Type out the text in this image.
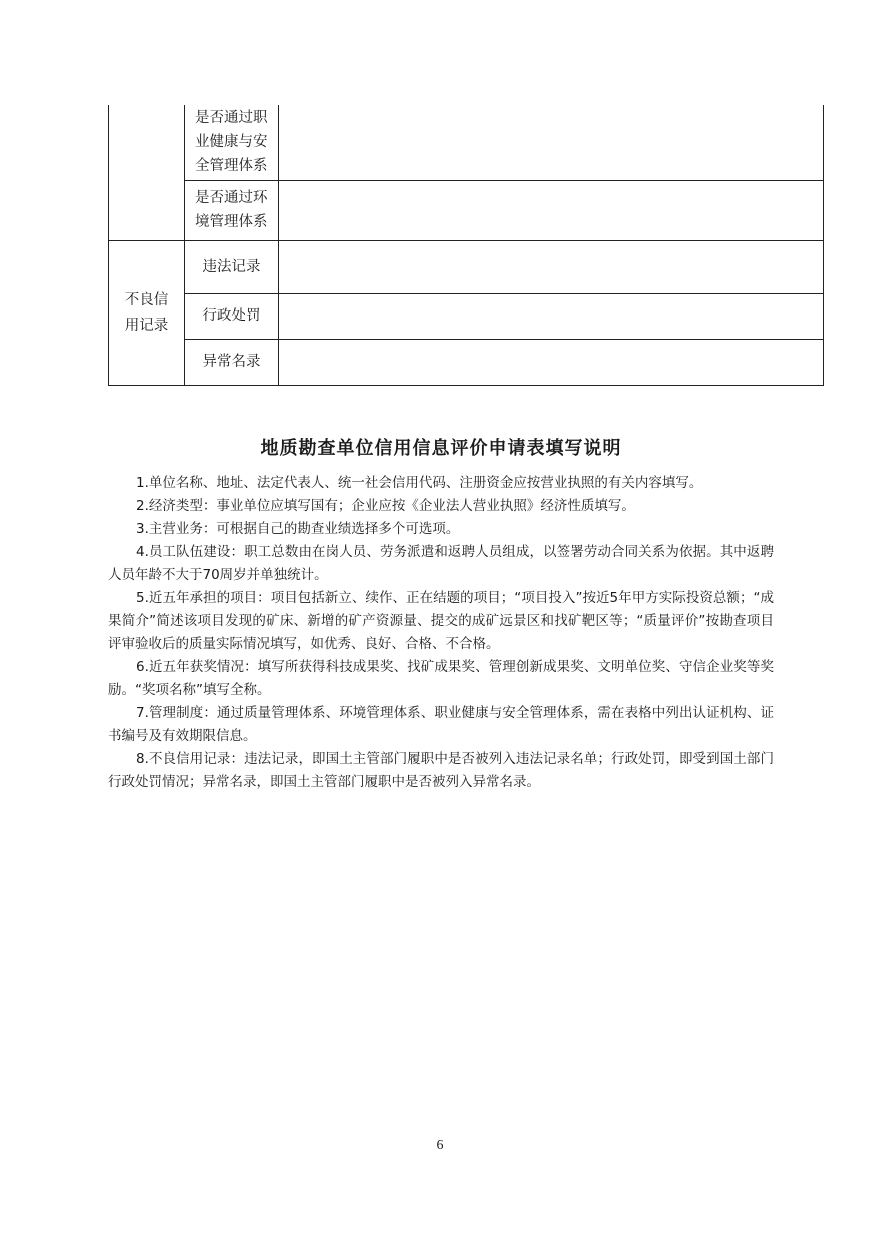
	是否通过职业健康与安全管理体系	
	是否通过环境管理体系	
不良信用记录	违法记录	
	行政处罚	
	异常名录	
地质勘查单位信用信息评价申请表填写说明

1.单位名称、地址、法定代表人、统一社会信用代码、注册资金应按营业执照的有关内容填写。

2.经济类型：事业单位应填写国有；企业应按《企业法人营业执照》经济性质填写。

3.主营业务：可根据自己的勘查业绩选择多个可选项。

4.员工队伍建设：职工总数由在岗人员、劳务派遣和返聘人员组成，以签署劳动合同关系为依据。其中返聘人员年龄不大于70周岁并单独统计。

5.近五年承担的项目：项目包括新立、续作、正在结题的项目；“项目投入”按近5年甲方实际投资总额；“成果简介”简述该项目发现的矿床、新增的矿产资源量、提交的成矿远景区和找矿靶区等；“质量评价”按勘查项目评审验收后的质量实际情况填写，如优秀、良好、合格、不合格。

6.近五年获奖情况：填写所获得科技成果奖、找矿成果奖、管理创新成果奖、文明单位奖、守信企业奖等奖励。“奖项名称”填写全称。

7.管理制度：通过质量管理体系、环境管理体系、职业健康与安全管理体系，需在表格中列出认证机构、证书编号及有效期限信息。

8.不良信用记录：违法记录，即国土主管部门履职中是否被列入违法记录名单；行政处罚，即受到国土部门行政处罚情况；异常名录，即国土主管部门履职中是否被列入异常名录。

6
